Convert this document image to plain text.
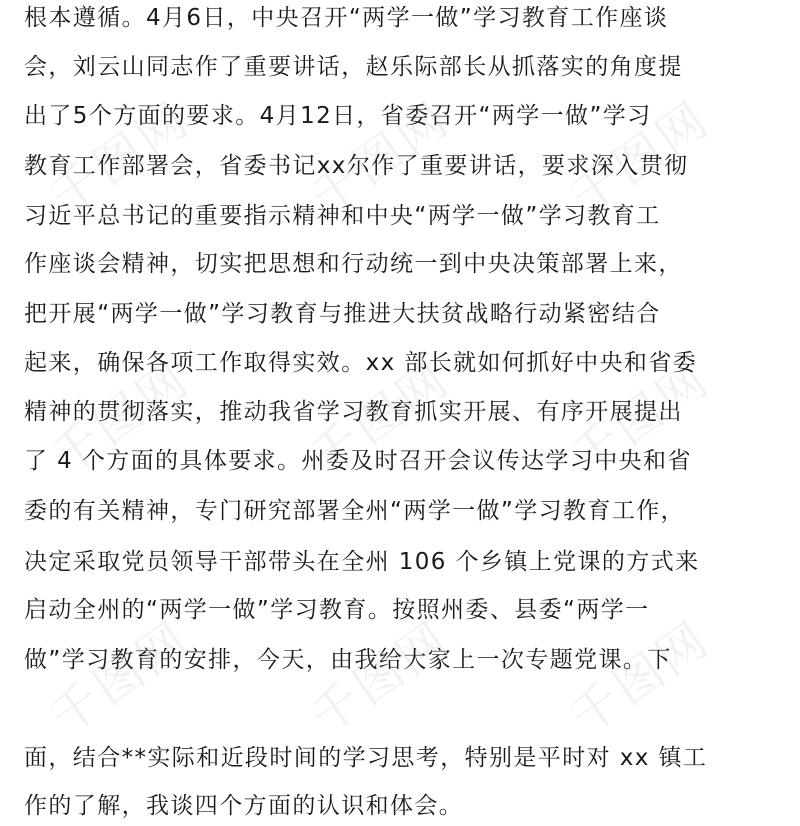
千图网 千图网 千图网
千图网 千图网 千图网
千图网 千图网 千图网
根本遵循。4月6日，中央召开“两学一做”学习教育工作座谈
会，刘云山同志作了重要讲话，赵乐际部长从抓落实的角度提
出了5个方面的要求。4月12日，省委召开“两学一做”学习
教育工作部署会，省委书记xx尔作了重要讲话，要求深入贯彻
习近平总书记的重要指示精神和中央“两学一做”学习教育工
作座谈会精神，切实把思想和行动统一到中央决策部署上来，
把开展“两学一做”学习教育与推进大扶贫战略行动紧密结合
起来，确保各项工作取得实效。xx 部长就如何抓好中央和省委
精神的贯彻落实，推动我省学习教育抓实开展、有序开展提出
了 4 个方面的具体要求。州委及时召开会议传达学习中央和省
委的有关精神，专门研究部署全州“两学一做”学习教育工作，
决定采取党员领导干部带头在全州 106 个乡镇上党课的方式来
启动全州的“两学一做”学习教育。按照州委、县委“两学一
做”学习教育的安排，今天，由我给大家上一次专题党课。下
面，结合**实际和近段时间的学习思考，特别是平时对 xx 镇工
作的了解，我谈四个方面的认识和体会。
